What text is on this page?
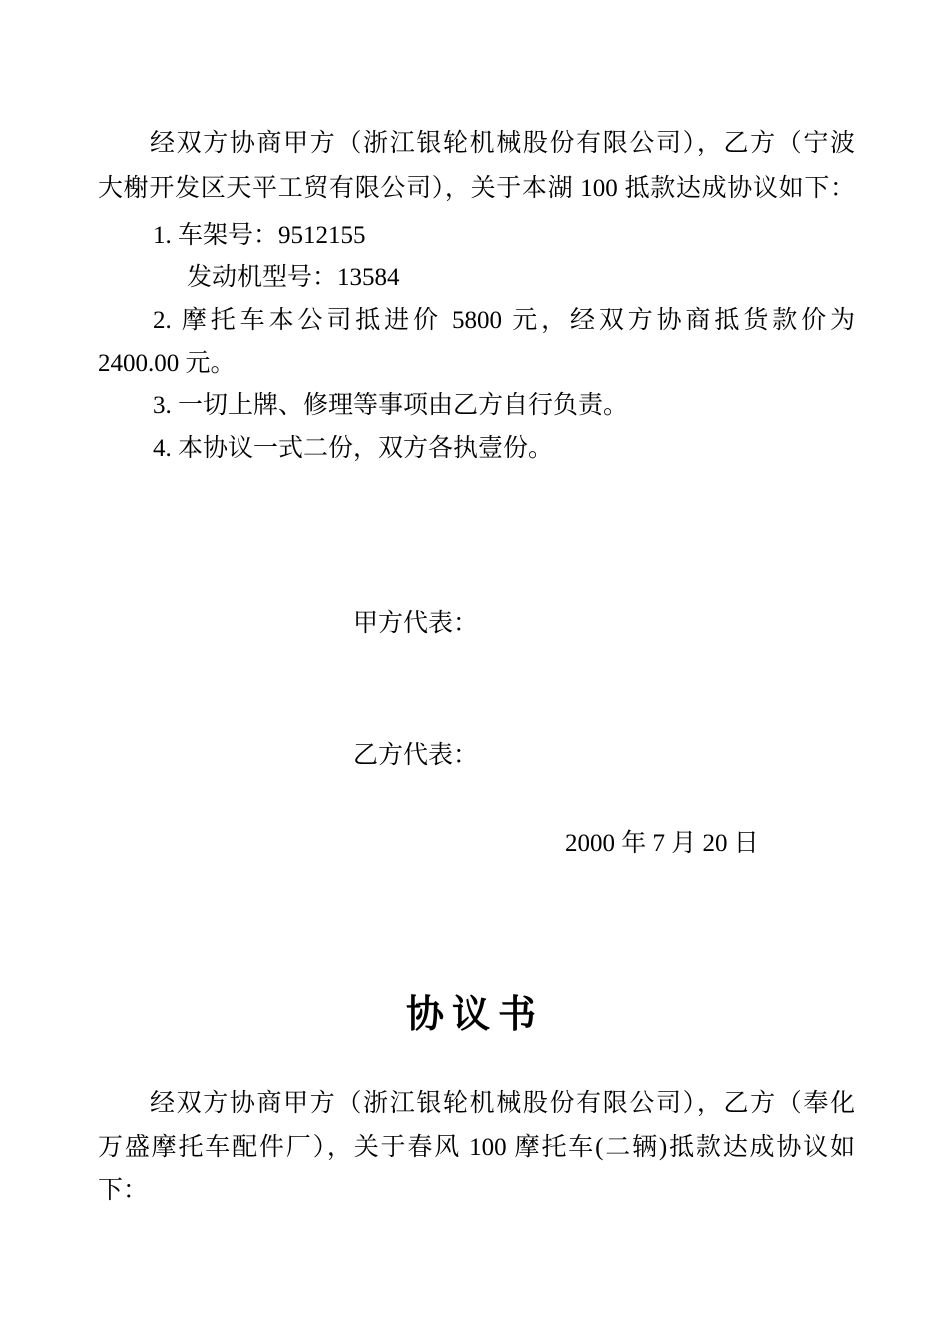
经双方协商甲方（浙江银轮机械股份有限公司），乙方（宁波
大榭开发区天平工贸有限公司），关于本湖 100 抵款达成协议如下：
1. 车架号：9512155
发动机型号：13584
2. 摩托车本公司抵进价 5800 元，经双方协商抵货款价为
2400.00 元。
3. 一切上牌、修理等事项由乙方自行负责。
4. 本协议一式二份，双方各执壹份。
甲方代表：
乙方代表：
2000 年 7 月 20 日
协议书
经双方协商甲方（浙江银轮机械股份有限公司），乙方（奉化
万盛摩托车配件厂），关于春风 100 摩托车(二辆)抵款达成协议如
下：
